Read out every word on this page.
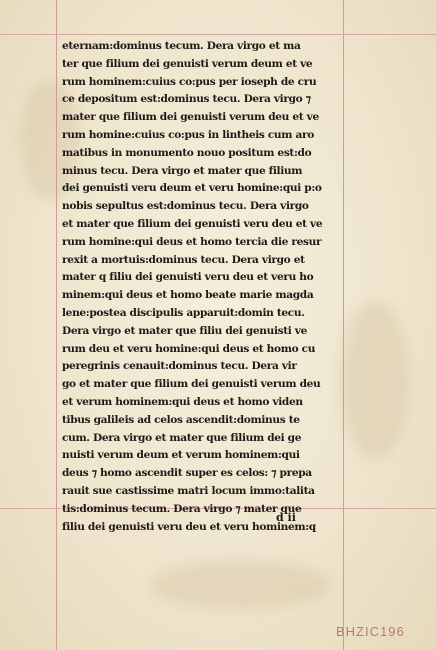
eternam:dominus tecum. Dera virgo et ma
ter que filium dei genuisti verum deum et ve
rum hominem:cuius co:pus per ioseph de cru
ce depositum est:dominus tecu. Dera virgo ⁊
mater que filium dei genuisti verum deu et ve
rum homine:cuius co:pus in lintheis cum aro
matibus in monumento nouo positum est:do
minus tecu. Dera virgo et mater que filium
dei genuisti veru deum et veru homine:qui p:o
nobis sepultus est:dominus tecu. Dera virgo
et mater que filium dei genuisti veru deu et ve
rum homine:qui deus et homo tercia die resur
rexit a mortuis:dominus tecu. Dera virgo et
mater q filiu dei genuisti veru deu et veru ho
minem:qui deus et homo beate marie magda
lene:postea discipulis apparuit:domin tecu.
Dera virgo et mater que filiu dei genuisti ve
rum deu et veru homine:qui deus et homo cu
peregrinis cenauit:dominus tecu. Dera vir
go et mater que filium dei genuisti verum deu
et verum hominem:qui deus et homo viden
tibus galileis ad celos ascendit:dominus te
cum. Dera virgo et mater que filium dei ge
nuisti verum deum et verum hominem:qui
deus ⁊ homo ascendit super es celos: ⁊ prepa
rauit sue castissime matri locum immo:talita
tis:dominus tecum. Dera virgo ⁊ mater que
filiu dei genuisti veru deu et veru hominem:q
d ii
BHZIC196
